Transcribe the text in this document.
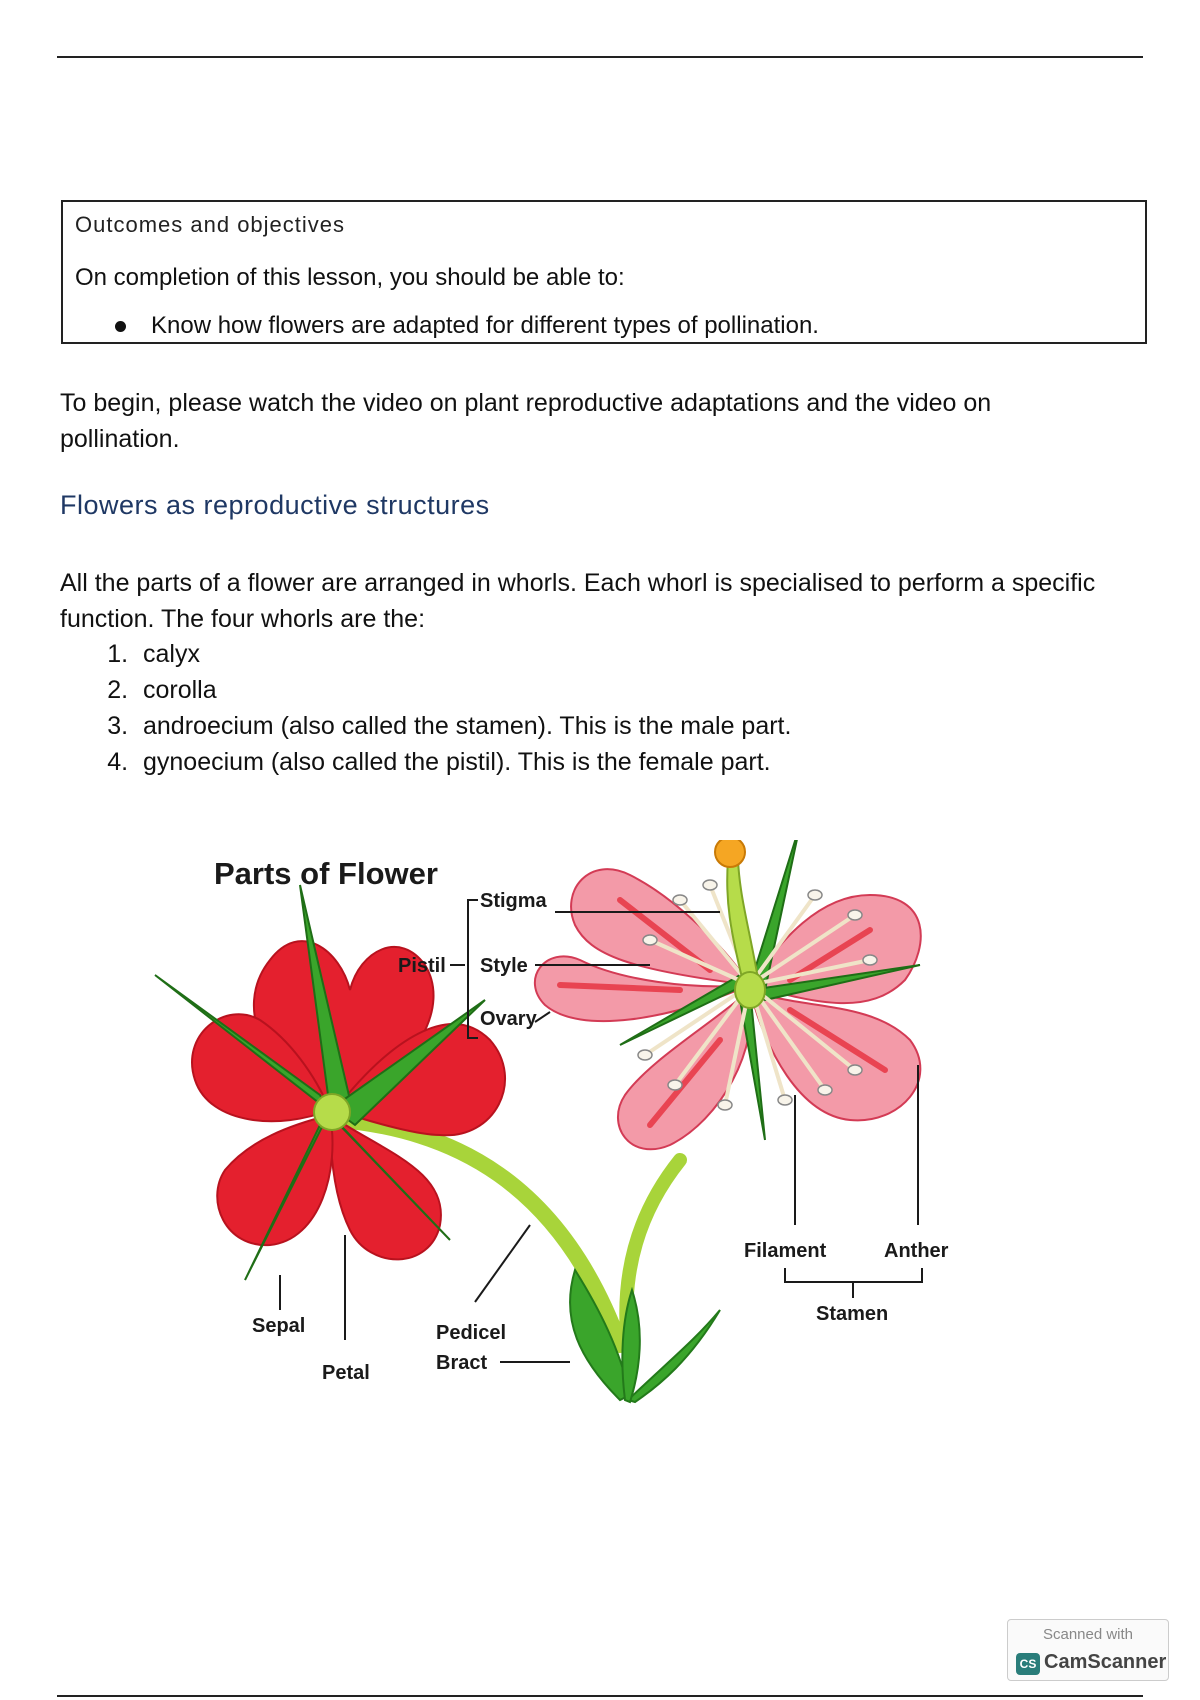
Outcomes and objectives
On completion of this lesson, you should be able to:
Know how flowers are adapted for different types of pollination.
To begin, please watch the video on plant reproductive adaptations and the video on pollination.
Flowers as reproductive structures
All the parts of a flower are arranged in whorls. Each whorl is specialised to perform a specific function. The four whorls are the:
1. calyx
2. corolla
3. androecium (also called the stamen). This is the male part.
4. gynoecium (also called the pistil). This is the female part.
Parts of Flower
Stigma
Pistil Style
Ovary
Sepal
Petal
Pedicel
Bract
Filament	Anther
Stamen
Scanned with
CS CamScanner
